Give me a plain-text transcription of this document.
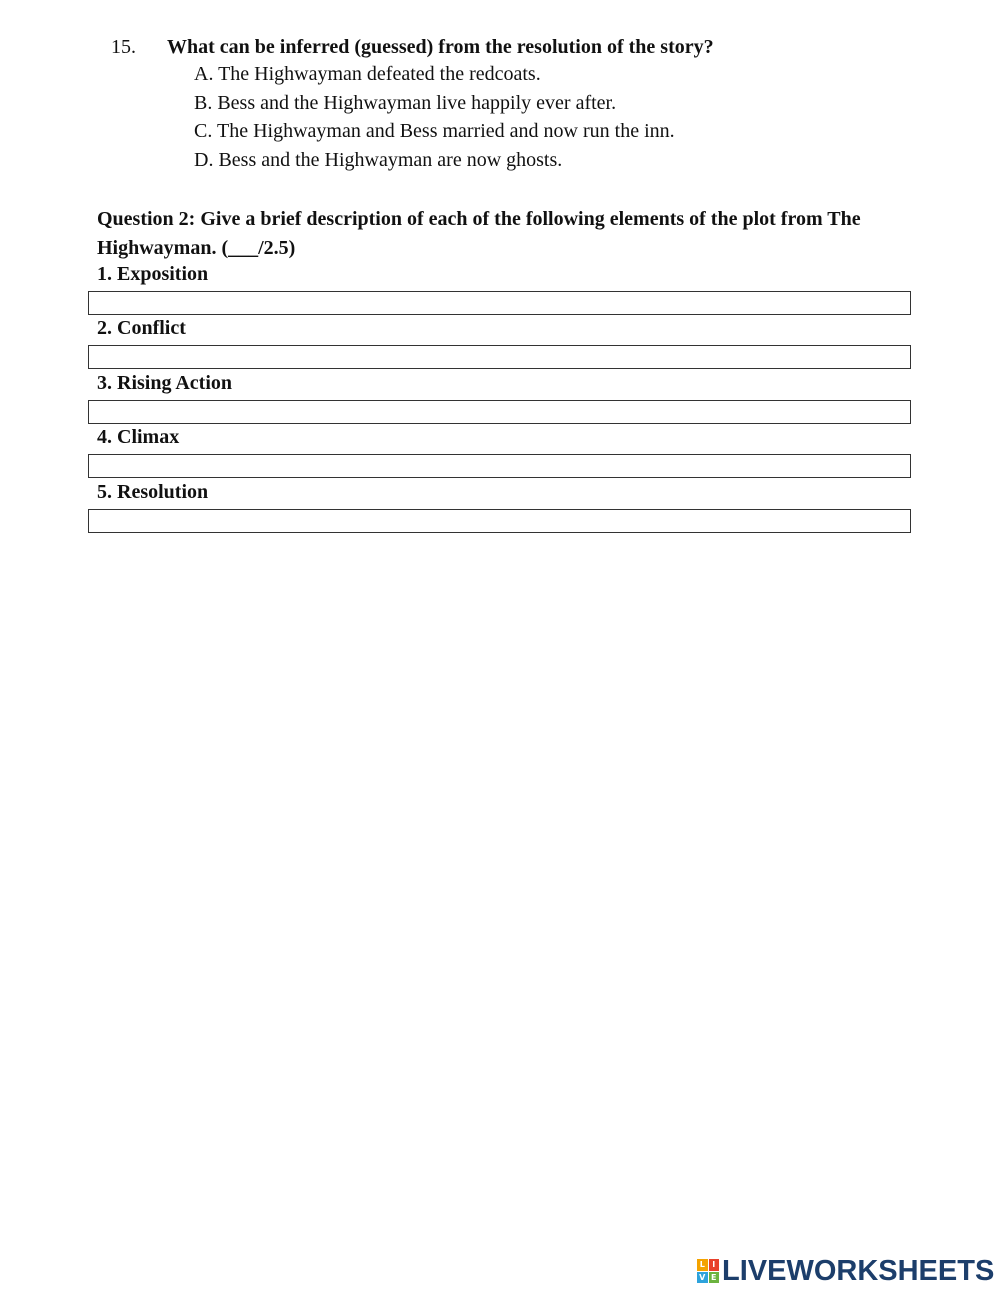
15. What can be inferred (guessed) from the resolution of the story?
A. The Highwayman defeated the redcoats.
B. Bess and the Highwayman live happily ever after.
C. The Highwayman and Bess married and now run the inn.
D. Bess and the Highwayman are now ghosts.
Question 2: Give a brief description of each of the following elements of the plot from The Highwayman. (___/2.5)
1. Exposition
2. Conflict
3. Rising Action
4. Climax
5. Resolution
L I
V E LIVEWORKSHEETS
